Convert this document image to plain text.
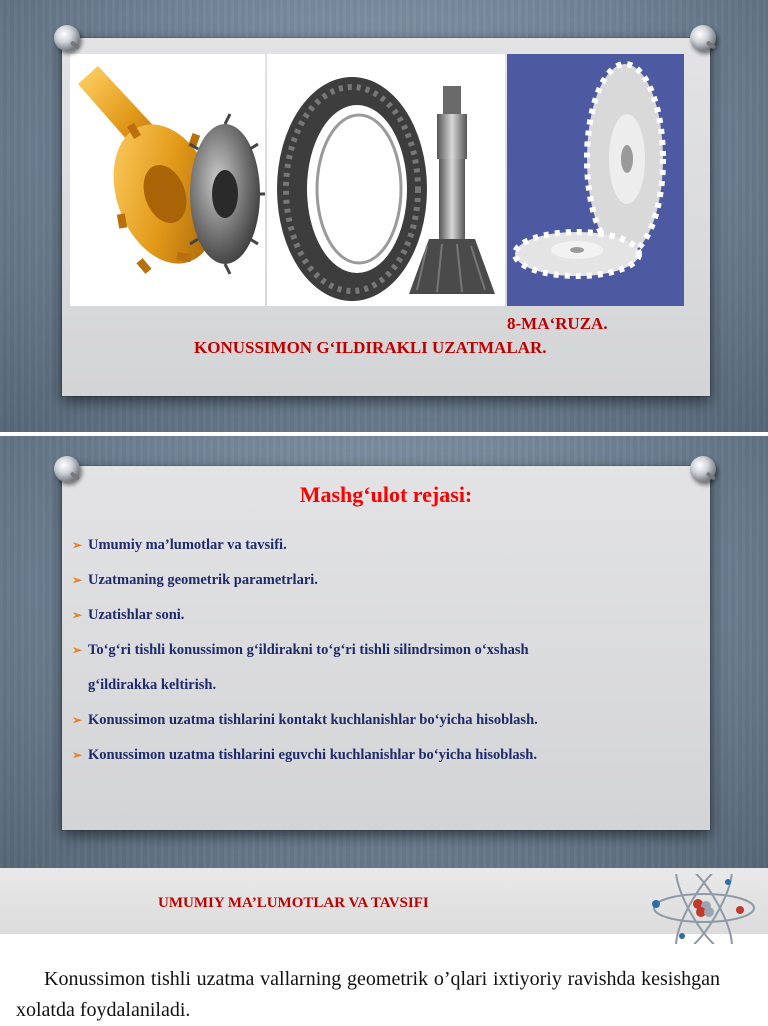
8-MA‘RUZA.
KONUSSIMON G‘ILDIRAKLI UZATMALAR.
Mashg‘ulot rejasi:
➢ Umumiy ma’lumotlar va tavsifi.
➢ Uzatmaning geometrik parametrlari.
➢ Uzatishlar soni.
➢ To‘g‘ri tishli konussimon g‘ildirakni to‘g‘ri tishli silindrsimon o‘xshash
g‘ildirakka keltirish.
➢ Konussimon uzatma tishlarini kontakt kuchlanishlar bo‘yicha hisoblash.
➢ Konussimon uzatma tishlarini eguvchi kuchlanishlar bo‘yicha hisoblash.
UMUMIY MA’LUMOTLAR VA TAVSIFI

Konussimon tishli uzatma vallarning geometrik o’qlari ixtiyoriy ravishda kesishgan xolatda foydalaniladi.
